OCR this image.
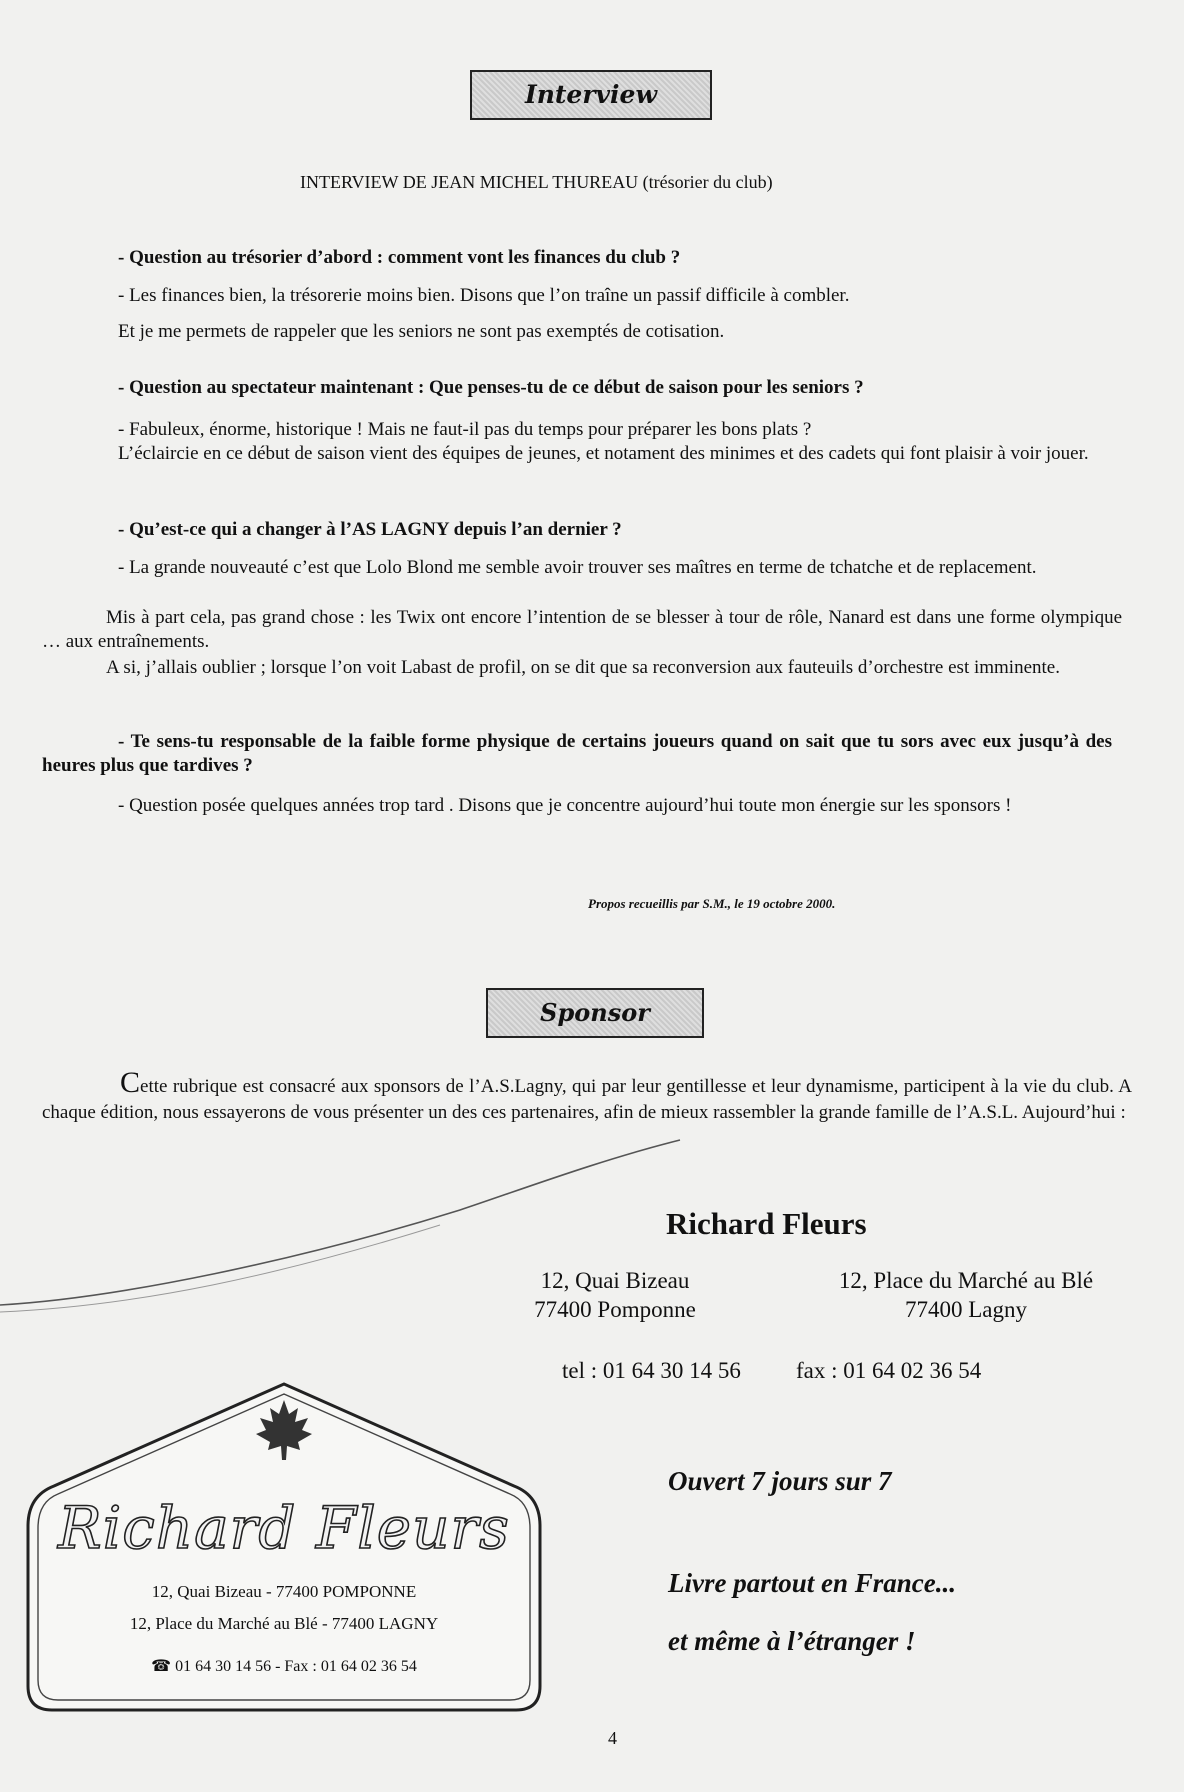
Interview
INTERVIEW DE JEAN MICHEL THUREAU (trésorier du club)
- Question au trésorier d’abord : comment vont les finances du club ?
- Les finances bien, la trésorerie moins bien. Disons que l’on traîne un passif difficile à combler.
Et je me permets de rappeler que les seniors ne sont pas exemptés de cotisation.
- Question au spectateur maintenant : Que penses-tu de ce début de saison pour les seniors ?
- Fabuleux, énorme, historique ! Mais ne faut-il pas du temps pour préparer les bons plats ?
L’éclaircie en ce début de saison vient des équipes de jeunes, et notament des minimes et des cadets qui font plaisir à voir jouer.
- Qu’est-ce qui a changer à l’AS LAGNY depuis l’an dernier ?
- La grande nouveauté c’est que Lolo Blond me semble avoir trouver ses maîtres en terme de tchatche et de replacement.
Mis à part cela, pas grand chose : les Twix ont encore l’intention de se blesser à tour de rôle, Nanard est dans une forme olympique … aux entraînements.
A si, j’allais oublier ; lorsque l’on voit Labast de profil, on se dit que sa reconversion aux fauteuils d’orchestre est imminente.
- Te sens-tu responsable de la faible forme physique de certains joueurs quand on sait que tu sors avec eux jusqu’à des heures plus que tardives ?
- Question posée quelques années trop tard . Disons que je concentre aujourd’hui toute mon énergie sur les sponsors !
Propos recueillis par S.M., le 19 octobre 2000.
Sponsor
Cette rubrique est consacré aux sponsors de l’A.S.Lagny, qui par leur gentillesse et leur dynamisme, participent à la vie du club. A chaque édition, nous essayerons de vous présenter un des ces partenaires, afin de mieux rassembler la grande famille de l’A.S.L. Aujourd’hui :
Richard Fleurs
12, Quai Bizeau
77400 Pomponne
12, Place du Marché au Blé
77400 Lagny
tel : 01 64 30 14 56 fax : 01 64 02 36 54
Ouvert 7 jours sur 7
Livre partout en France...
et même à l’étranger !
Richard Fleurs
12, Quai Bizeau - 77400 POMPONNE
12, Place du Marché au Blé - 77400 LAGNY
☎ 01 64 30 14 56 - Fax : 01 64 02 36 54
4
